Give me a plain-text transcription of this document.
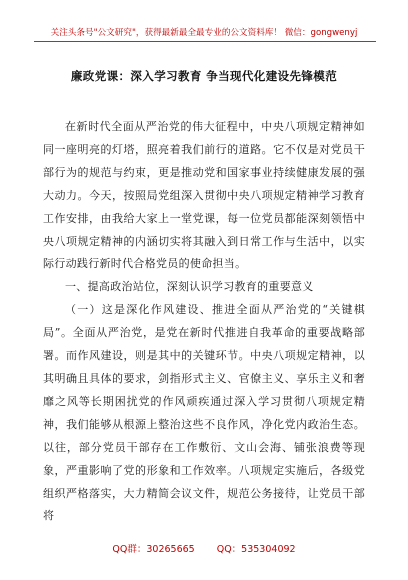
关注头条号"公文研究"，获得最新最全最专业的公文资料库！ 微信：gongwenyj
廉政党课：深入学习教育 争当现代化建设先锋模范

在新时代全面从严治党的伟大征程中，中央八项规定精神如同一座明亮的灯塔，照亮着我们前行的道路。它不仅是对党员干部行为的规范与约束，更是推动党和国家事业持续健康发展的强大动力。今天，按照局党组深入贯彻中央八项规定精神学习教育工作安排，由我给大家上一堂党课，每一位党员都能深刻领悟中央八项规定精神的内涵切实将其融入到日常工作与生活中，以实际行动践行新时代合格党员的使命担当。

一、提高政治站位，深刻认识学习教育的重要意义

（一）这是深化作风建设、推进全面从严治党的“关键棋局”。全面从严治党，是党在新时代推进自我革命的重要战略部署。而作风建设，则是其中的关键环节。中央八项规定精神，以其明确且具体的要求，剑指形式主义、官僚主义、享乐主义和奢靡之风等长期困扰党的作风顽疾通过深入学习贯彻八项规定精神，我们能够从根源上整治这些不良作风，净化党内政治生态。以往，部分党员干部存在工作敷衍、文山会海、铺张浪费等现象，严重影响了党的形象和工作效率。八项规定实施后，各级党组织严格落实，大力精简会议文件，规范公务接待，让党员干部将

QQ群：30265665 QQ：535304092
